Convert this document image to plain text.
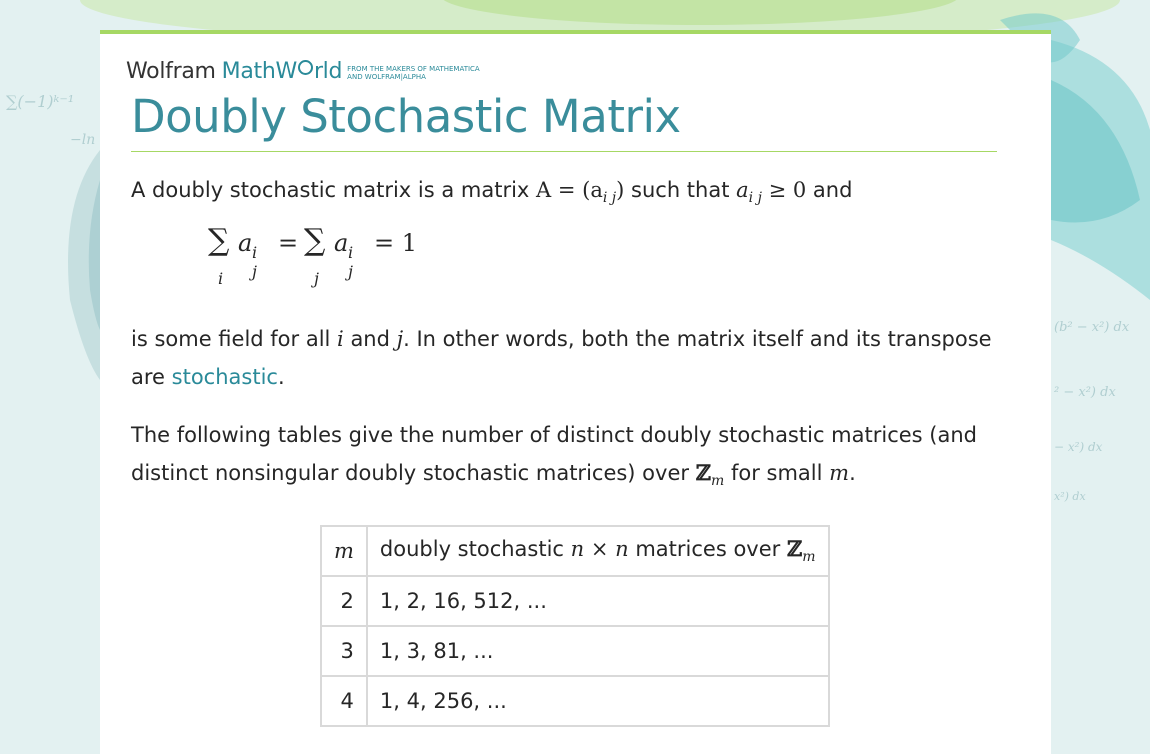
∑(−1)ᵏ⁻¹
−ln
(b² − x²) dx
² − x²) dx
− x²) dx
x²) dx
Wolfram MathW rld FROM THE MAKERS OF MATHEMATICA
AND WOLFRAM|ALPHA
Doubly Stochastic Matrix

A doubly stochastic matrix is a matrix $A = (a_{i j})$ such that $a_{i j} \ge 0$ and

∑
i
a i j
= ∑
j
a i j
= 1

is some field for all i and j. In other words, both the matrix itself and its transpose are stochastic.

The following tables give the number of distinct doubly stochastic matrices (and distinct nonsingular doubly stochastic matrices) over ℤ$_m$ for small m.

m	doubly stochastic n × n matrices over ℤ$_m$
2	1, 2, 16, 512, ...
3	1, 3, 81, ...
4	1, 4, 256, ...
